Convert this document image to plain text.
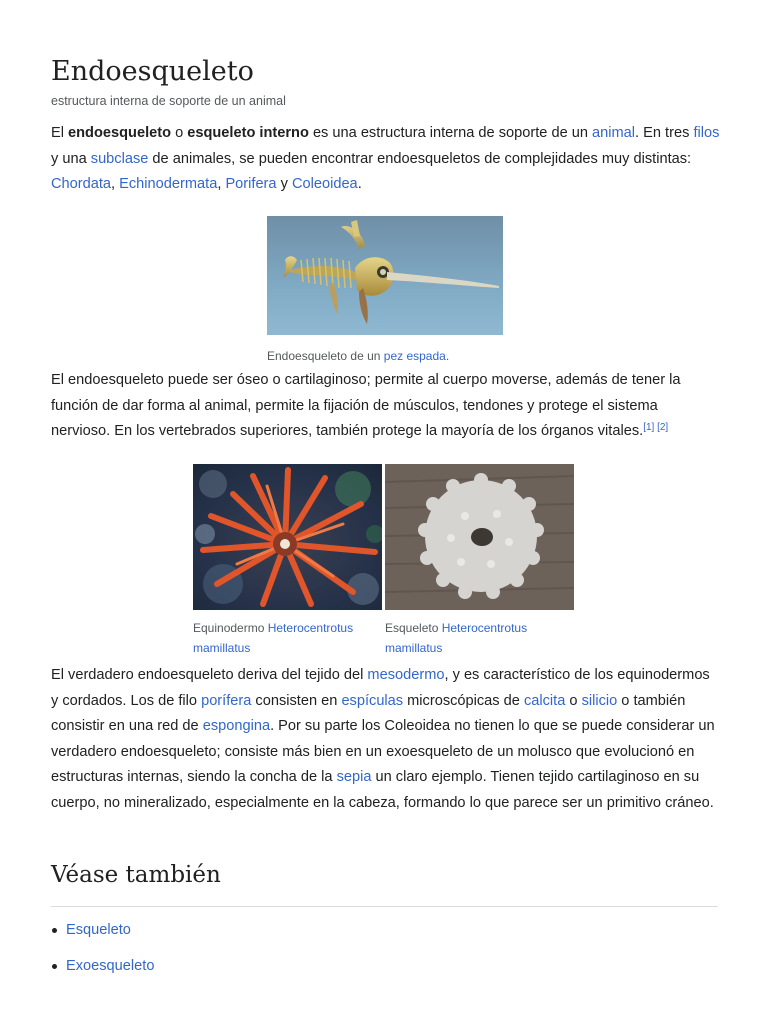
Endoesqueleto
estructura interna de soporte de un animal

El endoesqueleto o esqueleto interno es una estructura interna de soporte de un animal. En tres filos y una subclase de animales, se pueden encontrar endoesqueletos de complejidades muy distintas: Chordata, Echinodermata, Porifera y Coleoidea.

Endoesqueleto de un pez espada.

El endoesqueleto puede ser óseo o cartilaginoso; permite al cuerpo moverse, además de tener la función de dar forma al animal, permite la fijación de músculos, tendones y protege el sistema nervioso. En los vertebrados superiores, también protege la mayoría de los órganos vitales.[1] [2]

Equinodermo Heterocentrotus mamillatus
Esqueleto Heterocentrotus mamillatus

El verdadero endoesqueleto deriva del tejido del mesodermo, y es característico de los equinodermos y cordados. Los de filo porífera consisten en espículas microscópicas de calcita o silicio o también consistir en una red de espongina. Por su parte los Coleoidea no tienen lo que se puede considerar un verdadero endoesqueleto; consiste más bien en un exoesqueleto de un molusco que evolucionó en estructuras internas, siendo la concha de la sepia un claro ejemplo. Tienen tejido cartilaginoso en su cuerpo, no mineralizado, especialmente en la cabeza, formando lo que parece ser un primitivo cráneo.

Véase también
Esqueleto
Exoesqueleto
